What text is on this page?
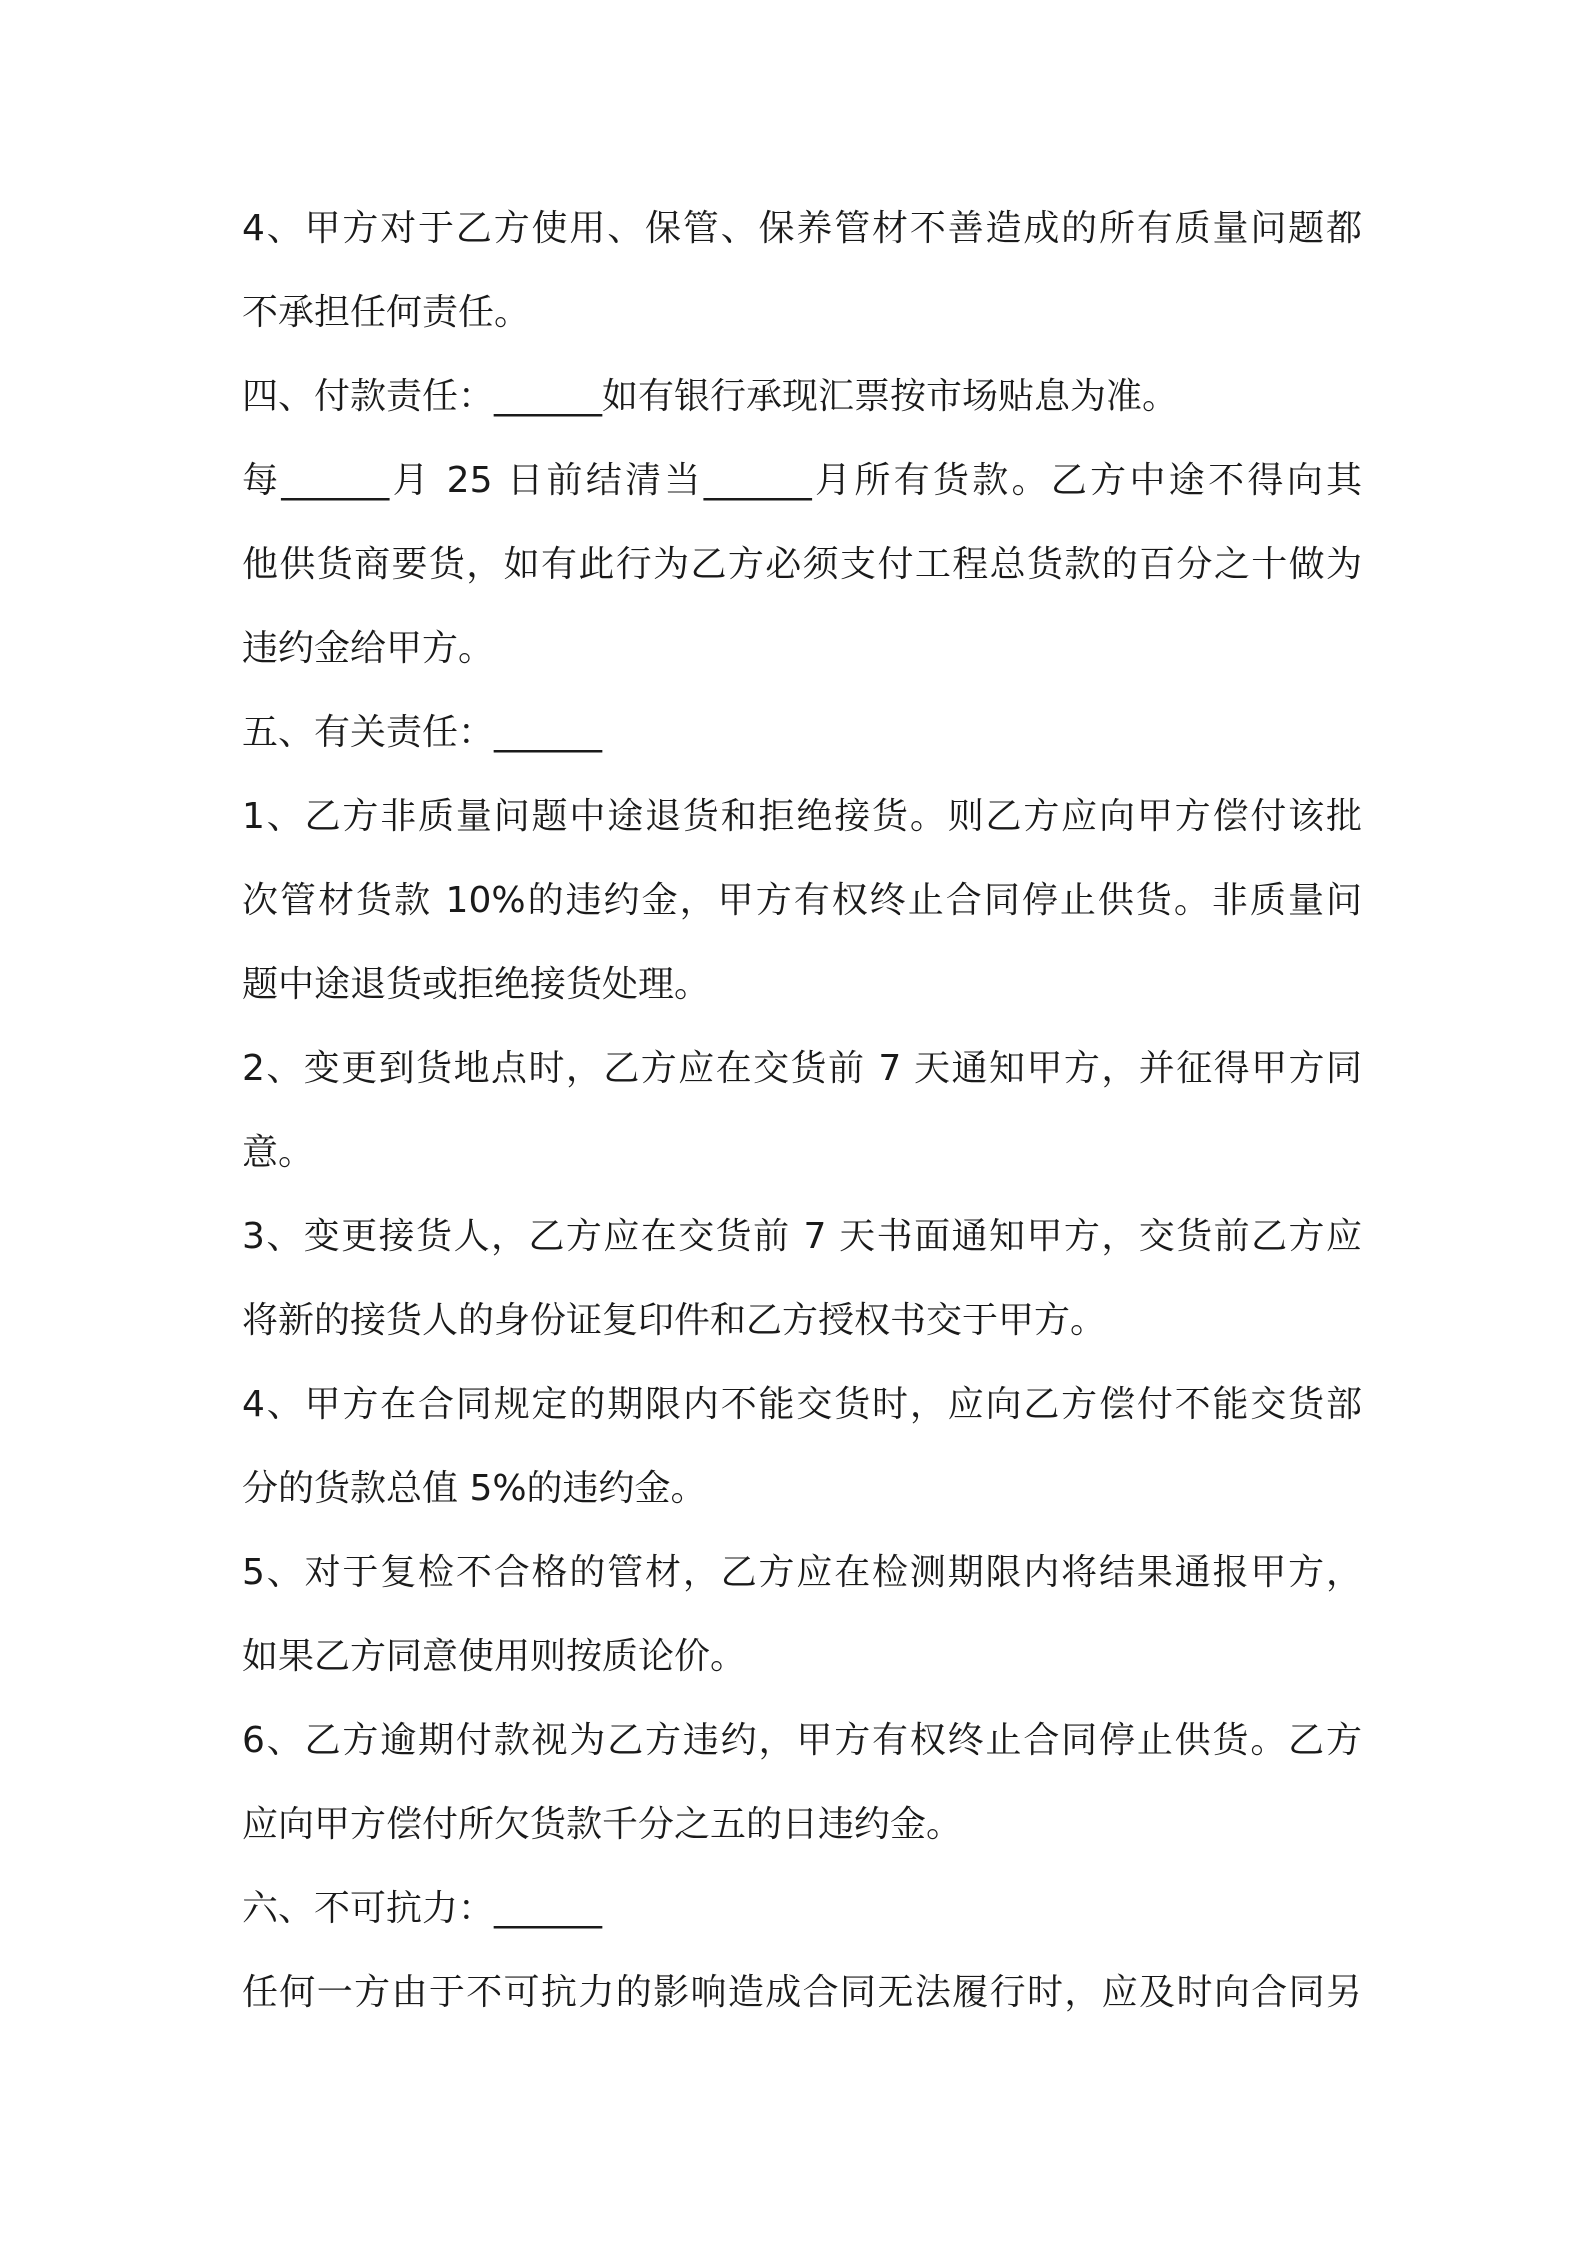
4、甲方对于乙方使用、保管、保养管材不善造成的所有质量问题都
不承担任何责任。
四、付款责任：______如有银行承现汇票按市场贴息为准。
每______月 25 日前结清当______月所有货款。乙方中途不得向其
他供货商要货，如有此行为乙方必须支付工程总货款的百分之十做为
违约金给甲方。
五、有关责任：______
1、乙方非质量问题中途退货和拒绝接货。则乙方应向甲方偿付该批
次管材货款 10%的违约金，甲方有权终止合同停止供货。非质量问
题中途退货或拒绝接货处理。
2、变更到货地点时，乙方应在交货前 7 天通知甲方，并征得甲方同
意。
3、变更接货人，乙方应在交货前 7 天书面通知甲方，交货前乙方应
将新的接货人的身份证复印件和乙方授权书交于甲方。
4、甲方在合同规定的期限内不能交货时，应向乙方偿付不能交货部
分的货款总值 5%的违约金。
5、对于复检不合格的管材，乙方应在检测期限内将结果通报甲方，
如果乙方同意使用则按质论价。
6、乙方逾期付款视为乙方违约，甲方有权终止合同停止供货。乙方
应向甲方偿付所欠货款千分之五的日违约金。
六、不可抗力：______
任何一方由于不可抗力的影响造成合同无法履行时，应及时向合同另
